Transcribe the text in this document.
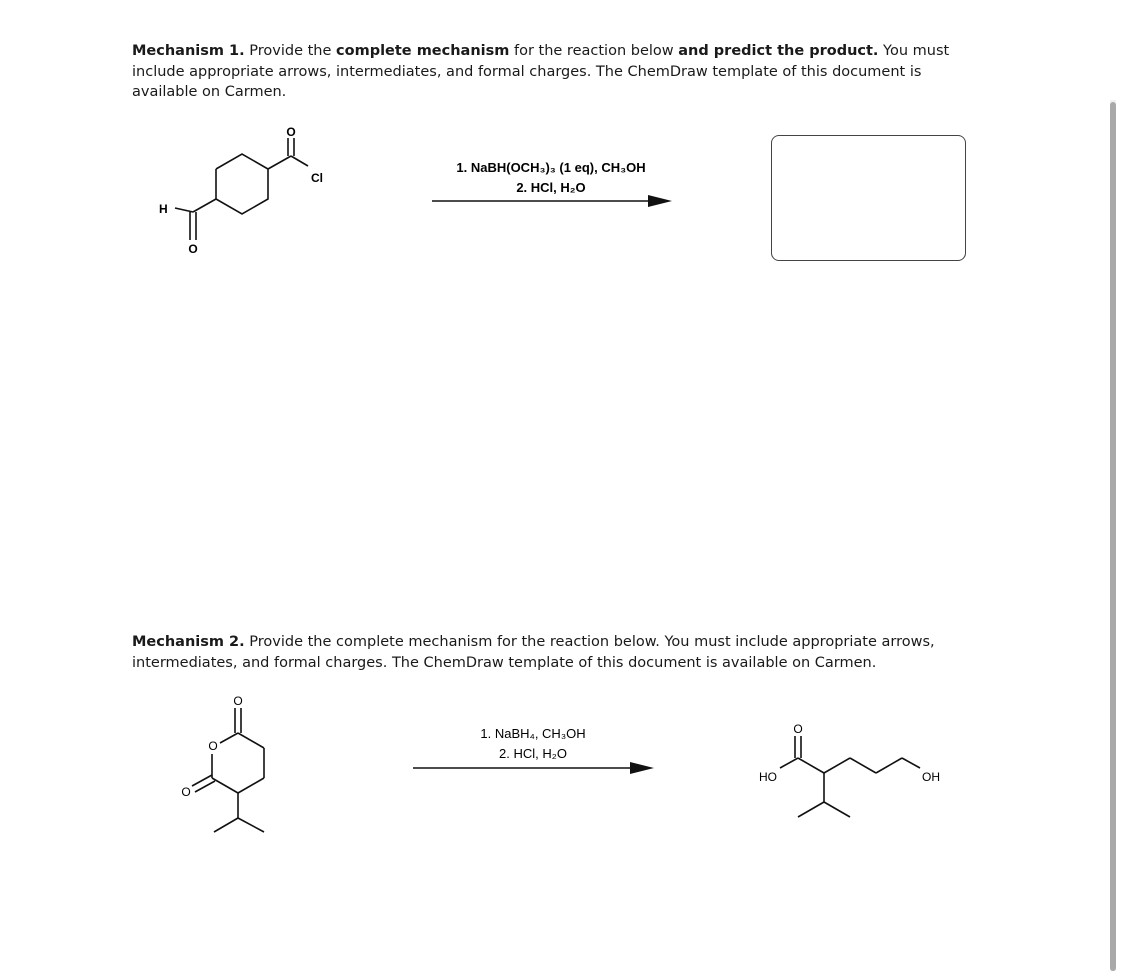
Mechanism 1. Provide the complete mechanism for the reaction below and predict the product. You must include appropriate arrows, intermediates, and formal charges. The ChemDraw template of this document is available on Carmen.

O
Cl
H
O
1. NaBH(OCH₃)₃ (1 eq), CH₃OH
2. HCl, H₂O

Mechanism 2. Provide the complete mechanism for the reaction below. You must include appropriate arrows, intermediates, and formal charges. The ChemDraw template of this document is available on Carmen.

O
O
O
1. NaBH₄, CH₃OH
2. HCl, H₂O
O
HO	OH
